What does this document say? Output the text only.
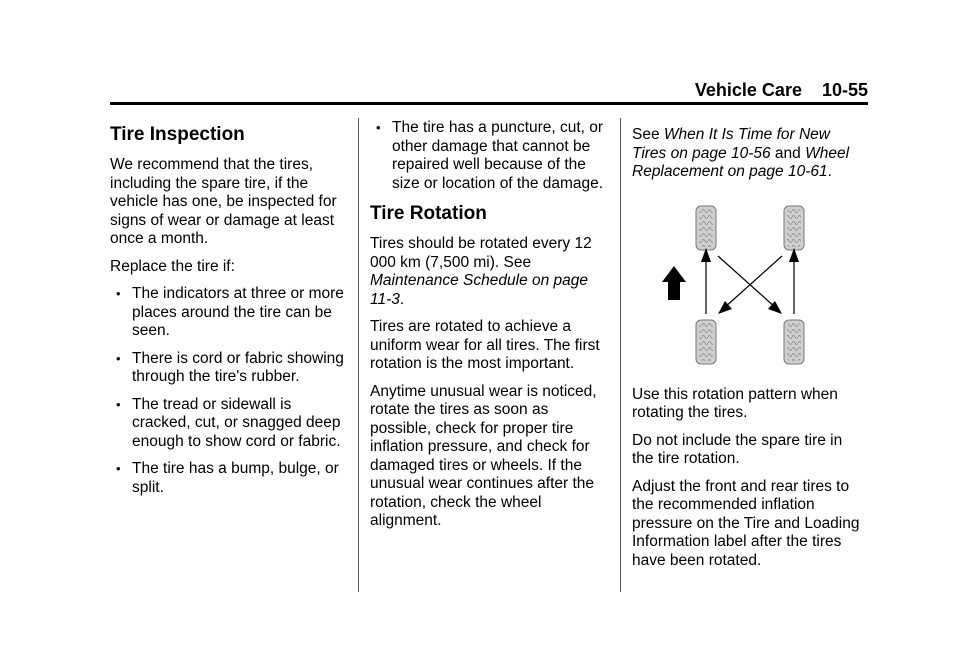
Vehicle Care    10-55
Tire Inspection

We recommend that the tires, including the spare tire, if the vehicle has one, be inspected for signs of wear or damage at least once a month.

Replace the tire if:

• The indicators at three or more places around the tire can be seen.
• There is cord or fabric showing through the tire's rubber.
• The tread or sidewall is cracked, cut, or snagged deep enough to show cord or fabric.
• The tire has a bump, bulge, or split.
• The tire has a puncture, cut, or other damage that cannot be repaired well because of the size or location of the damage.
Tire Rotation

Tires should be rotated every 12 000 km (7,500 mi). See Maintenance Schedule on page 11-3.

Tires are rotated to achieve a uniform wear for all tires. The first rotation is the most important.

Anytime unusual wear is noticed, rotate the tires as soon as possible, check for proper tire inflation pressure, and check for damaged tires or wheels. If the unusual wear continues after the rotation, check the wheel alignment.

See When It Is Time for New Tires on page 10-56 and Wheel Replacement on page 10-61.

Use this rotation pattern when rotating the tires.

Do not include the spare tire in the tire rotation.

Adjust the front and rear tires to the recommended inflation pressure on the Tire and Loading Information label after the tires have been rotated.
